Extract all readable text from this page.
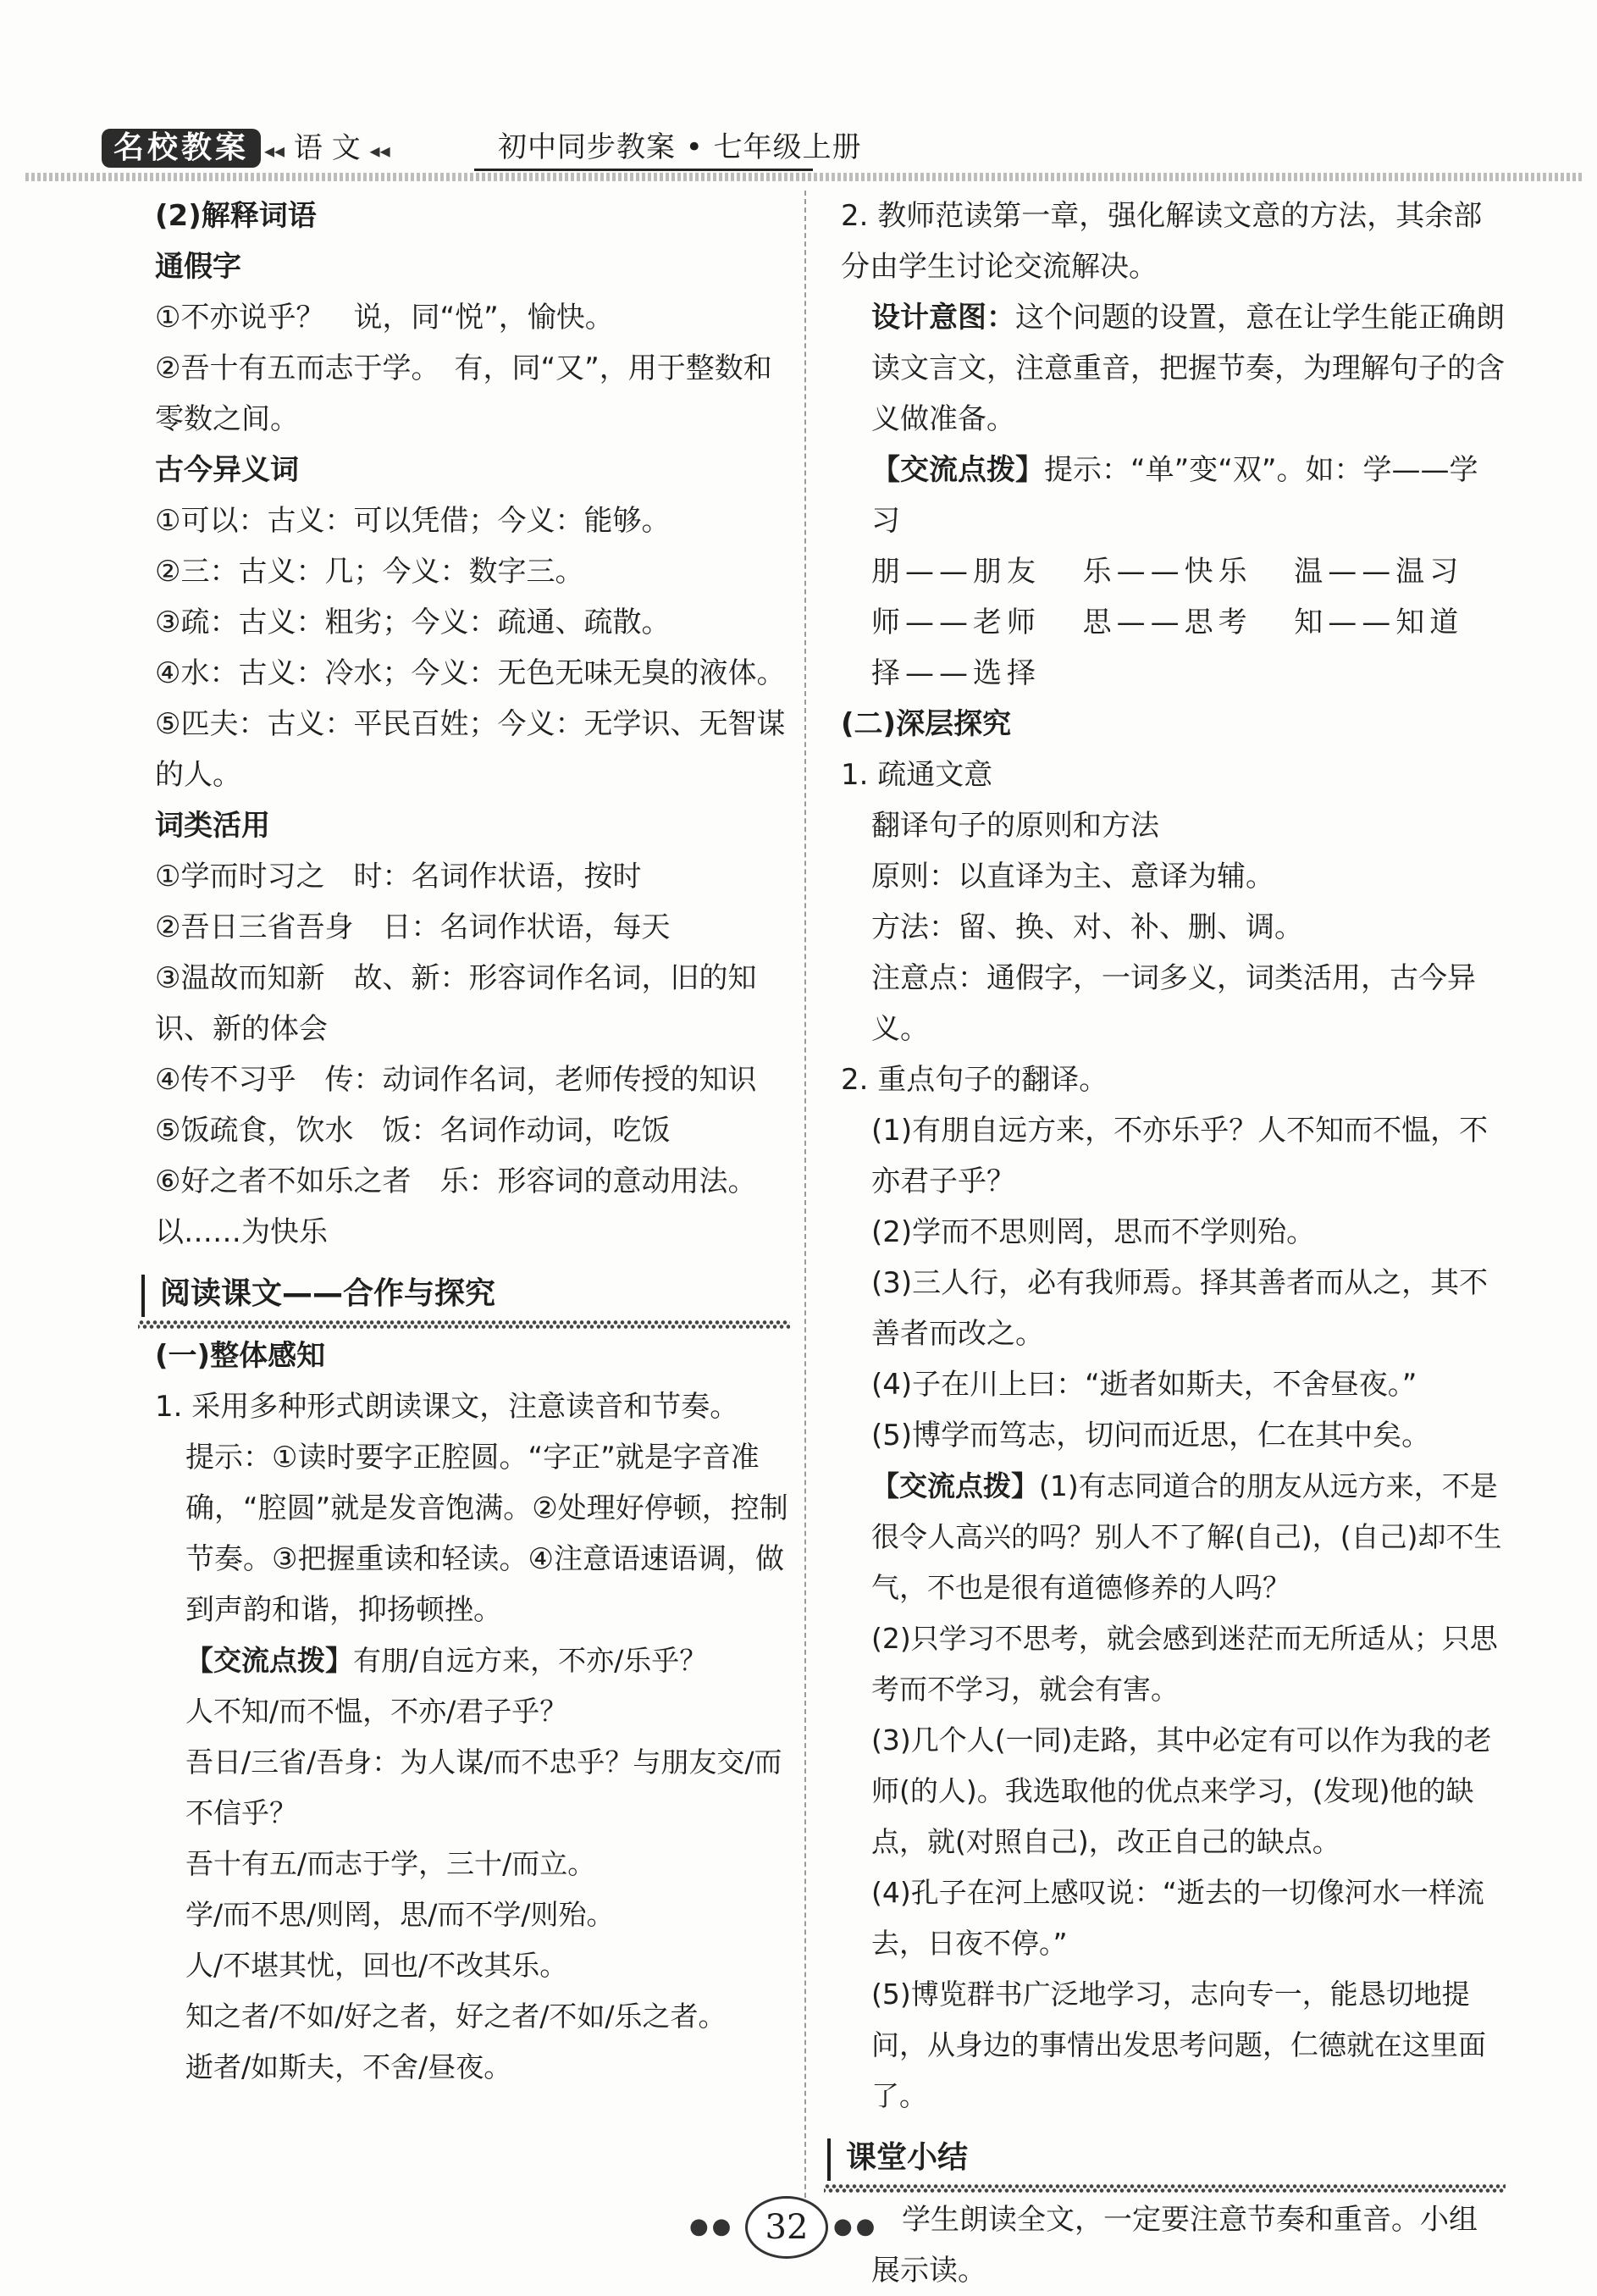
名校教案 ◂◂ 语 文 ◂◂	初中同步教案 • 七年级上册

(2)解释词语

通假字

①不亦说乎？　说，同“悦”，愉快。

②吾十有五而志于学。　有，同“又”，用于整数和零数之间。

古今异义词

①可以：古义：可以凭借；今义：能够。

②三：古义：几；今义：数字三。

③疏：古义：粗劣；今义：疏通、疏散。

④水：古义：冷水；今义：无色无味无臭的液体。

⑤匹夫：古义：平民百姓；今义：无学识、无智谋的人。

词类活用

①学而时习之　时：名词作状语，按时

②吾日三省吾身　日：名词作状语，每天

③温故而知新　故、新：形容词作名词，旧的知识、新的体会

④传不习乎　传：动词作名词，老师传授的知识

⑤饭疏食，饮水　饭：名词作动词，吃饭

⑥好之者不如乐之者　乐：形容词的意动用法。以……为快乐

阅读课文——合作与探究

(一)整体感知

1. 采用多种形式朗读课文，注意读音和节奏。

提示：①读时要字正腔圆。“字正”就是字音准确，“腔圆”就是发音饱满。②处理好停顿，控制节奏。③把握重读和轻读。④注意语速语调，做到声韵和谐，抑扬顿挫。

【交流点拨】有朋/自远方来，不亦/乐乎？

人不知/而不愠，不亦/君子乎？

吾日/三省/吾身：为人谋/而不忠乎？与朋友交/而不信乎？

吾十有五/而志于学，三十/而立。

学/而不思/则罔，思/而不学/则殆。

人/不堪其忧，回也/不改其乐。

知之者/不如/好之者，好之者/不如/乐之者。

逝者/如斯夫，不舍/昼夜。

2. 教师范读第一章，强化解读文意的方法，其余部分由学生讨论交流解决。

设计意图：这个问题的设置，意在让学生能正确朗读文言文，注意重音，把握节奏，为理解句子的含义做准备。

【交流点拨】提示：“单”变“双”。如：学——学习

朋——朋友	乐——快乐	温——温习
师——老师	思——思考	知——知道
择——选择

(二)深层探究

1. 疏通文意

翻译句子的原则和方法

原则：以直译为主、意译为辅。

方法：留、换、对、补、删、调。

注意点：通假字，一词多义，词类活用，古今异义。

2. 重点句子的翻译。

(1)有朋自远方来，不亦乐乎？人不知而不愠，不亦君子乎？

(2)学而不思则罔，思而不学则殆。

(3)三人行，必有我师焉。择其善者而从之，其不善者而改之。

(4)子在川上曰：“逝者如斯夫，不舍昼夜。”

(5)博学而笃志，切问而近思，仁在其中矣。

【交流点拨】(1)有志同道合的朋友从远方来，不是很令人高兴的吗？别人不了解(自己)，(自己)却不生气，不也是很有道德修养的人吗？

(2)只学习不思考，就会感到迷茫而无所适从；只思考而不学习，就会有害。

(3)几个人(一同)走路，其中必定有可以作为我的老师(的人)。我选取他的优点来学习，(发现)他的缺点，就(对照自己)，改正自己的缺点。

(4)孔子在河上感叹说：“逝去的一切像河水一样流去，日夜不停。”

(5)博览群书广泛地学习，志向专一，能恳切地提问，从身边的事情出发思考问题，仁德就在这里面了。

课堂小结

学生朗读全文，一定要注意节奏和重音。小组展示读。

●● 32	●●
